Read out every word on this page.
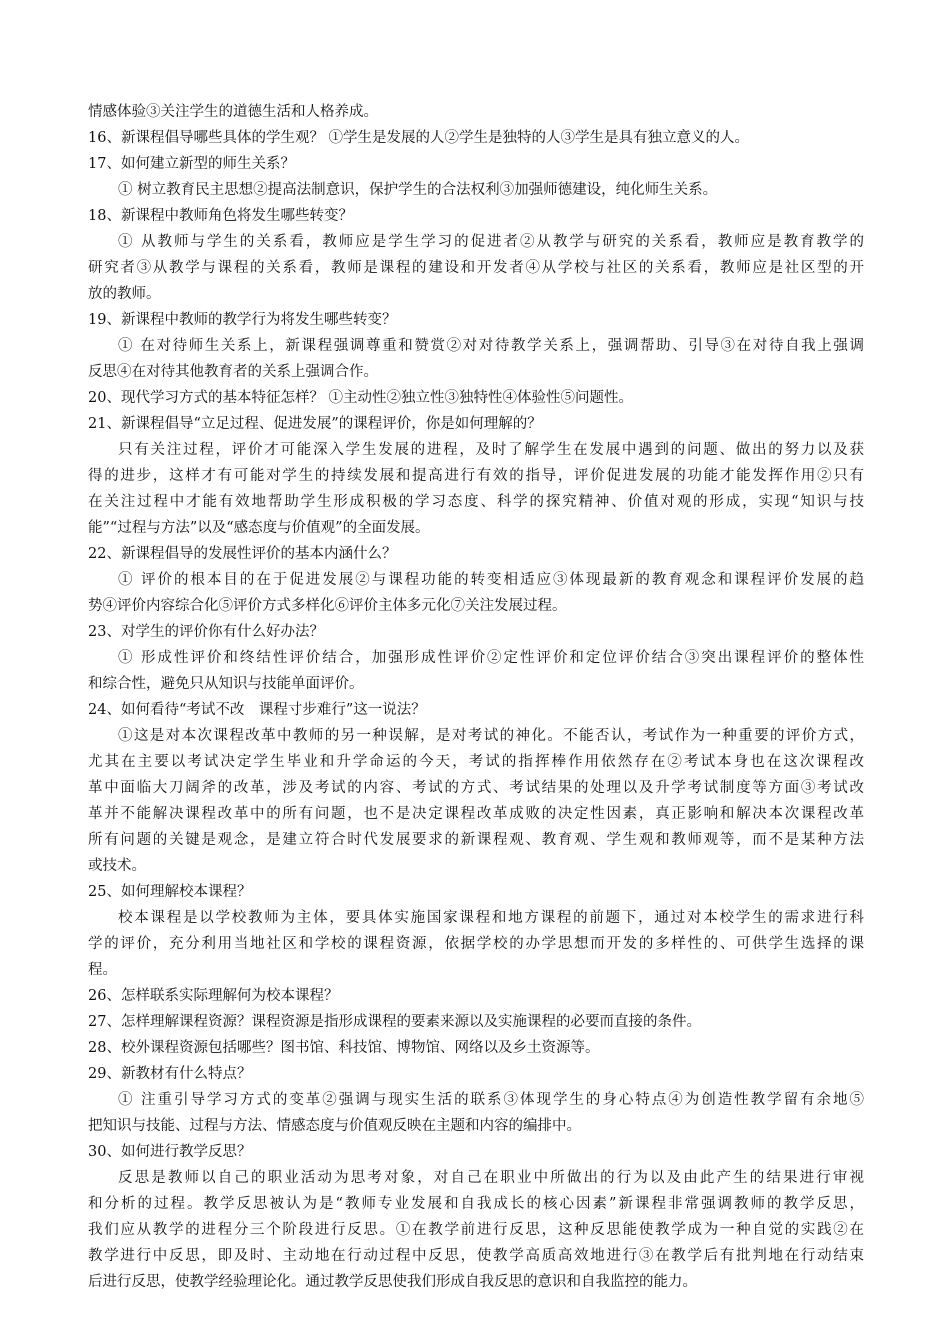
情感体验③关注学生的道德生活和人格养成。
16、新课程倡导哪些具体的学生观？ ①学生是发展的人②学生是独特的人③学生是具有独立意义的人。
17、如何建立新型的师生关系？
① 树立教育民主思想②提高法制意识，保护学生的合法权利③加强师德建设，纯化师生关系。
18、新课程中教师角色将发生哪些转变？
① 从教师与学生的关系看，教师应是学生学习的促进者②从教学与研究的关系看，教师应是教育教学的
研究者③从教学与课程的关系看，教师是课程的建设和开发者④从学校与社区的关系看，教师应是社区型的开
放的教师。
19、新课程中教师的教学行为将发生哪些转变？
① 在对待师生关系上，新课程强调尊重和赞赏②对对待教学关系上，强调帮助、引导③在对待自我上强调
反思④在对待其他教育者的关系上强调合作。
20、现代学习方式的基本特征怎样？ ①主动性②独立性③独特性④体验性⑤问题性。
21、新课程倡导“立足过程、促进发展”的课程评价，你是如何理解的？
只有关注过程，评价才可能深入学生发展的进程，及时了解学生在发展中遇到的问题、做出的努力以及获
得的进步，这样才有可能对学生的持续发展和提高进行有效的指导，评价促进发展的功能才能发挥作用②只有
在关注过程中才能有效地帮助学生形成积极的学习态度、科学的探究精神、价值对观的形成，实现“知识与技
能”“过程与方法”以及“感态度与价值观”的全面发展。
22、新课程倡导的发展性评价的基本内涵什么？
① 评价的根本目的在于促进发展②与课程功能的转变相适应③体现最新的教育观念和课程评价发展的趋
势④评价内容综合化⑤评价方式多样化⑥评价主体多元化⑦关注发展过程。
23、对学生的评价你有什么好办法？
① 形成性评价和终结性评价结合，加强形成性评价②定性评价和定位评价结合③突出课程评价的整体性
和综合性，避免只从知识与技能单面评价。
24、如何看待“考试不改　课程寸步难行”这一说法？
①这是对本次课程改革中教师的另一种误解，是对考试的神化。不能否认，考试作为一种重要的评价方式，
尤其在主要以考试决定学生毕业和升学命运的今天，考试的指挥棒作用依然存在②考试本身也在这次课程改
革中面临大刀阔斧的改革，涉及考试的内容、考试的方式、考试结果的处理以及升学考试制度等方面③考试改
革并不能解决课程改革中的所有问题，也不是决定课程改革成败的决定性因素，真正影响和解决本次课程改革
所有问题的关键是观念，是建立符合时代发展要求的新课程观、教育观、学生观和教师观等，而不是某种方法
或技术。
25、如何理解校本课程？
校本课程是以学校教师为主体，要具体实施国家课程和地方课程的前题下，通过对本校学生的需求进行科
学的评价，充分利用当地社区和学校的课程资源，依据学校的办学思想而开发的多样性的、可供学生选择的课
程。
26、怎样联系实际理解何为校本课程？
27、怎样理解课程资源？课程资源是指形成课程的要素来源以及实施课程的必要而直接的条件。
28、校外课程资源包括哪些？图书馆、科技馆、博物馆、网络以及乡土资源等。
29、新教材有什么特点？
① 注重引导学习方式的变革②强调与现实生活的联系③体现学生的身心特点④为创造性教学留有余地⑤
把知识与技能、过程与方法、情感态度与价值观反映在主题和内容的编排中。
30、如何进行教学反思？
反思是教师以自己的职业活动为思考对象，对自己在职业中所做出的行为以及由此产生的结果进行审视
和分析的过程。教学反思被认为是“教师专业发展和自我成长的核心因素”新课程非常强调教师的教学反思，
我们应从教学的进程分三个阶段进行反思。①在教学前进行反思，这种反思能使教学成为一种自觉的实践②在
教学进行中反思，即及时、主动地在行动过程中反思，使教学高质高效地进行③在教学后有批判地在行动结束
后进行反思，使教学经验理论化。通过教学反思使我们形成自我反思的意识和自我监控的能力。
